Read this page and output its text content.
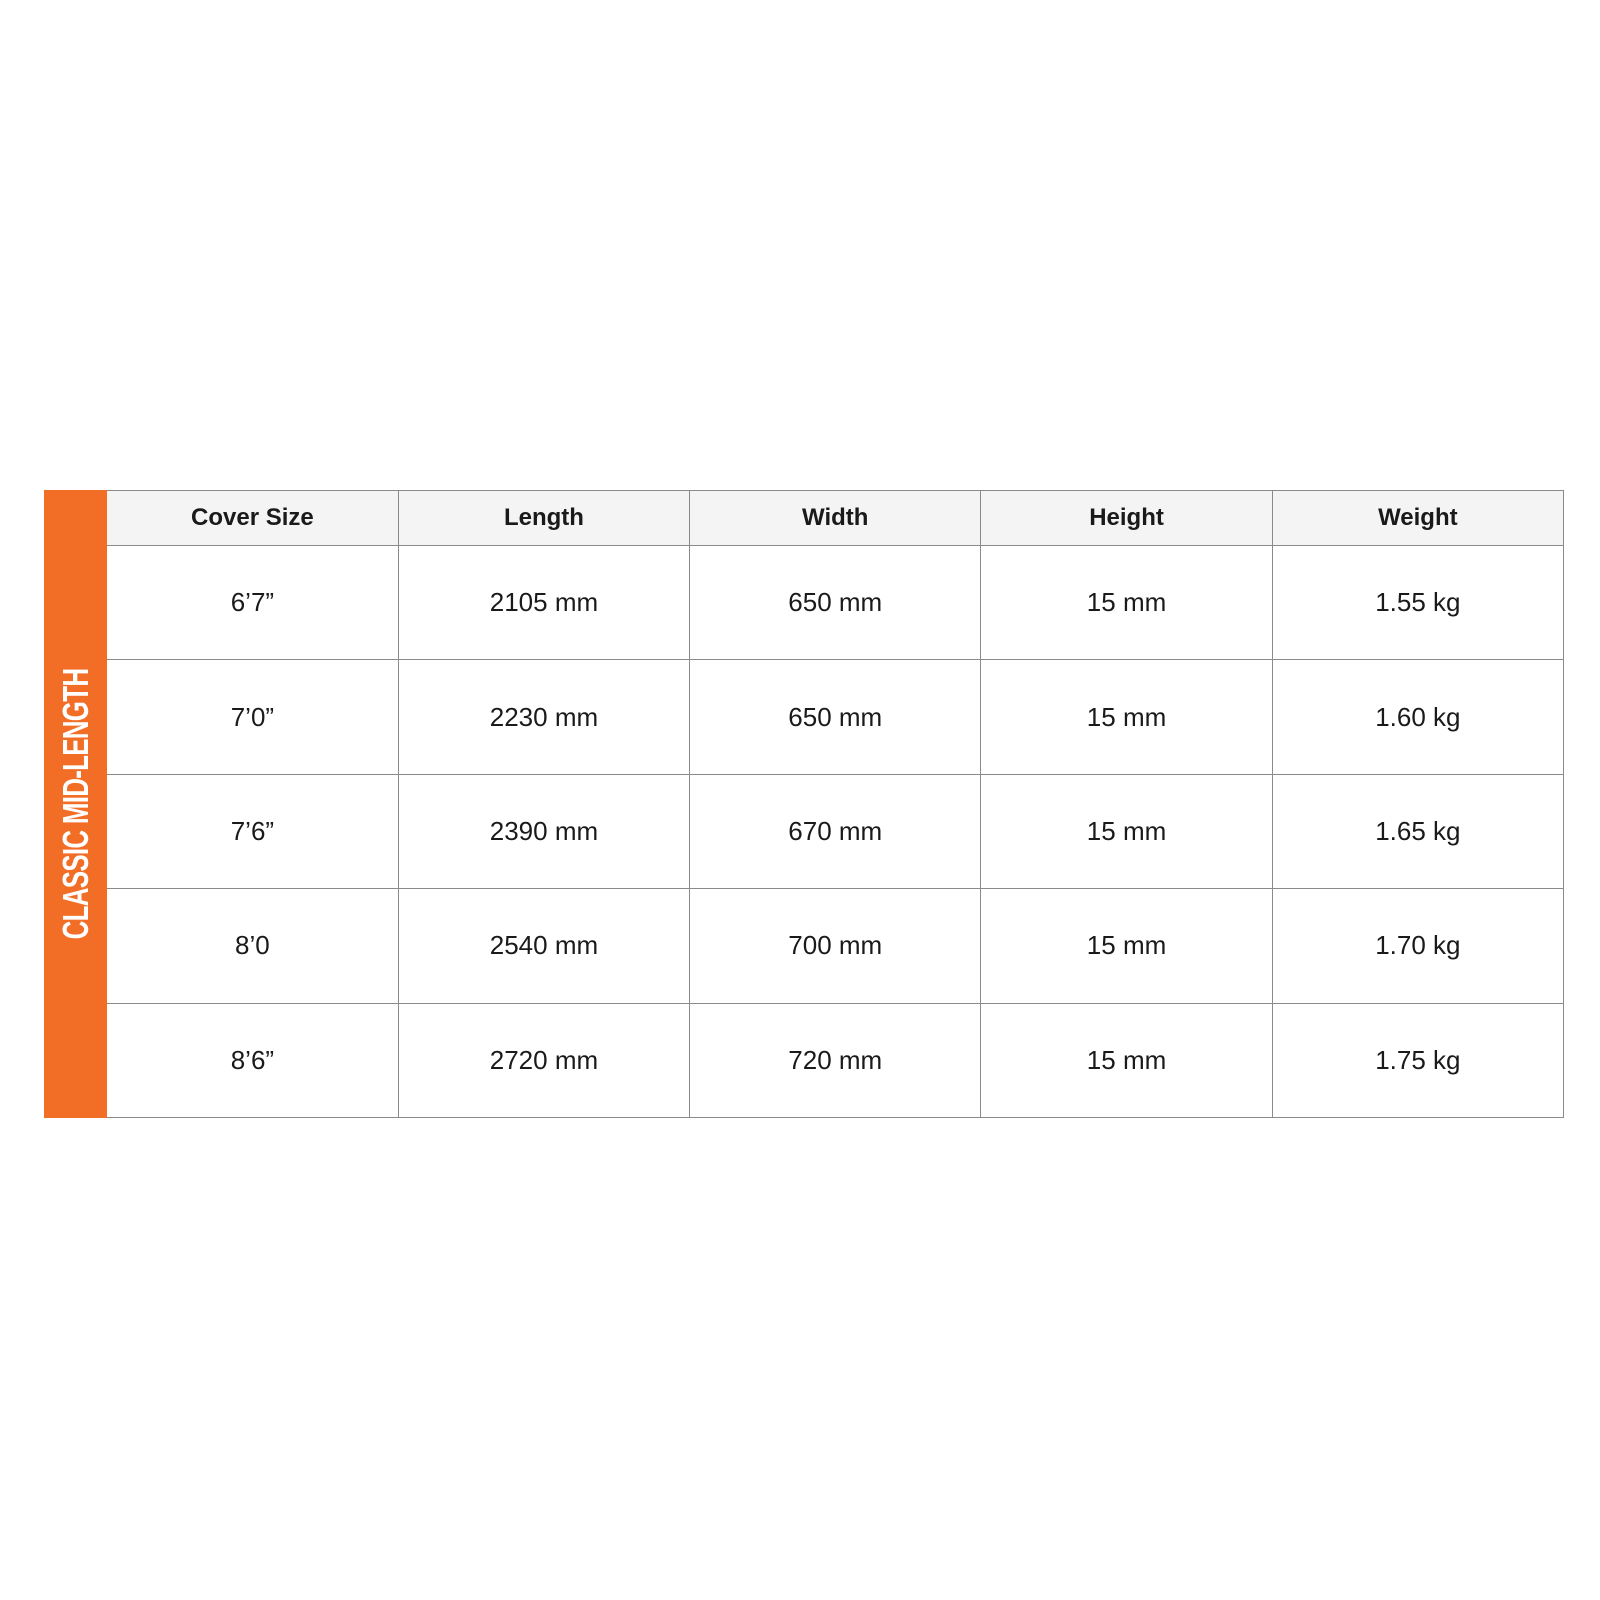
CLASSIC MID-LENGTH
Cover Size	Length	Width	Height	Weight
6’7”	2105 mm	650 mm	15 mm	1.55 kg
7’0”	2230 mm	650 mm	15 mm	1.60 kg
7’6”	2390 mm	670 mm	15 mm	1.65 kg
8’0	2540 mm	700 mm	15 mm	1.70 kg
8’6”	2720 mm	720 mm	15 mm	1.75 kg
